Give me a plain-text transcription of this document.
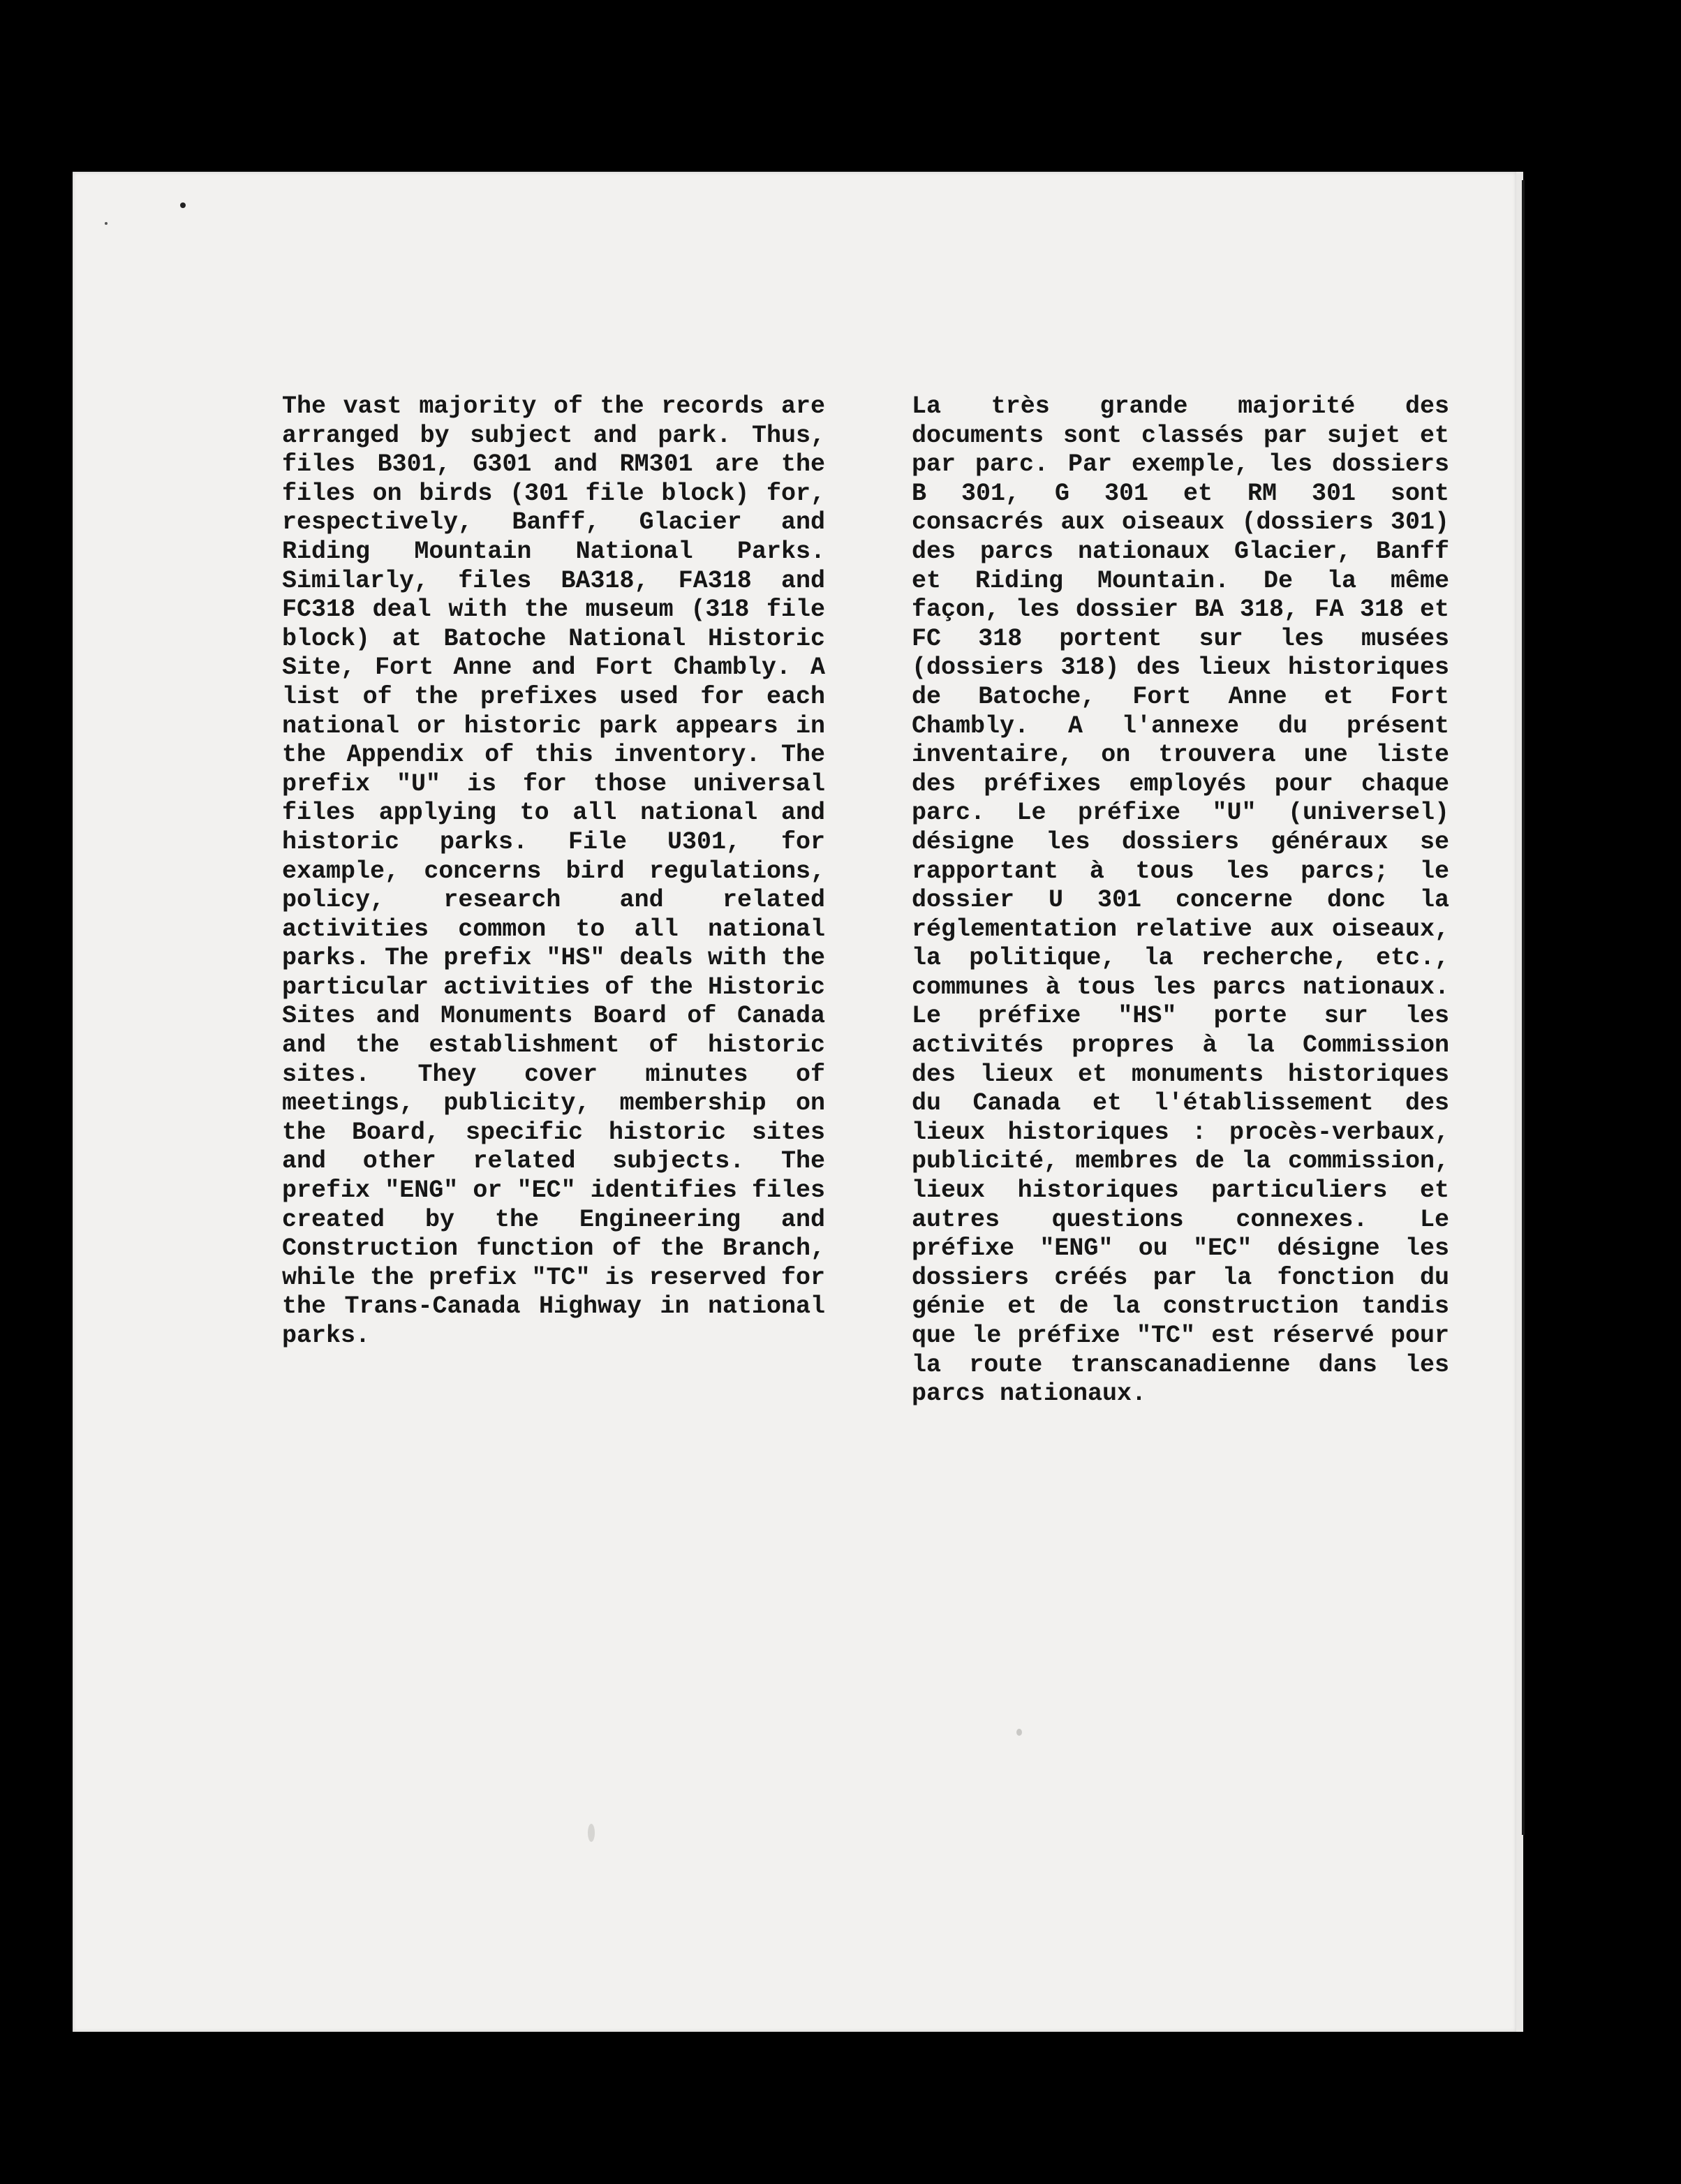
The vast majority of the records are arranged by subject and park. Thus, files B301, G301 and RM301 are the files on birds (301 file block) for, respectively, Banff, Glacier and Riding Mountain National Parks. Similarly, files BA318, FA318 and FC318 deal with the museum (318 file block) at Batoche National Historic Site, Fort Anne and Fort Chambly. A list of the prefixes used for each national or historic park appears in the Appendix of this inventory. The prefix "U" is for those universal files applying to all national and historic parks. File U301, for example, concerns bird regulations, policy, research and related activities common to all national parks. The prefix "HS" deals with the particular activities of the Historic Sites and Monuments Board of Canada and the establishment of historic sites. They cover minutes of meetings, publicity, membership on the Board, specific historic sites and other related subjects. The prefix "ENG" or "EC" identifies files created by the Engineering and Construction function of the Branch, while the prefix "TC" is reserved for the Trans-Canada Highway in national parks.

La très grande majorité des documents sont classés par sujet et par parc. Par exemple, les dossiers B 301, G 301 et RM 301 sont consacrés aux oiseaux (dossiers 301) des parcs nationaux Glacier, Banff et Riding Mountain. De la même façon, les dossier BA 318, FA 318 et FC 318 portent sur les musées (dossiers 318) des lieux historiques de Batoche, Fort Anne et Fort Chambly. A l'annexe du présent inventaire, on trouvera une liste des préfixes employés pour chaque parc. Le préfixe "U" (universel) désigne les dossiers généraux se rapportant à tous les parcs; le dossier U 301 concerne donc la réglementation relative aux oiseaux, la politique, la recherche, etc., communes à tous les parcs nationaux. Le préfixe "HS" porte sur les activités propres à la Commission des lieux et monuments historiques du Canada et l'établissement des lieux historiques : procès-verbaux, publicité, membres de la commission, lieux historiques particuliers et autres questions connexes. Le préfixe "ENG" ou "EC" désigne les dossiers créés par la fonction du génie et de la construction tandis que le préfixe "TC" est réservé pour la route transcanadienne dans les parcs nationaux.
